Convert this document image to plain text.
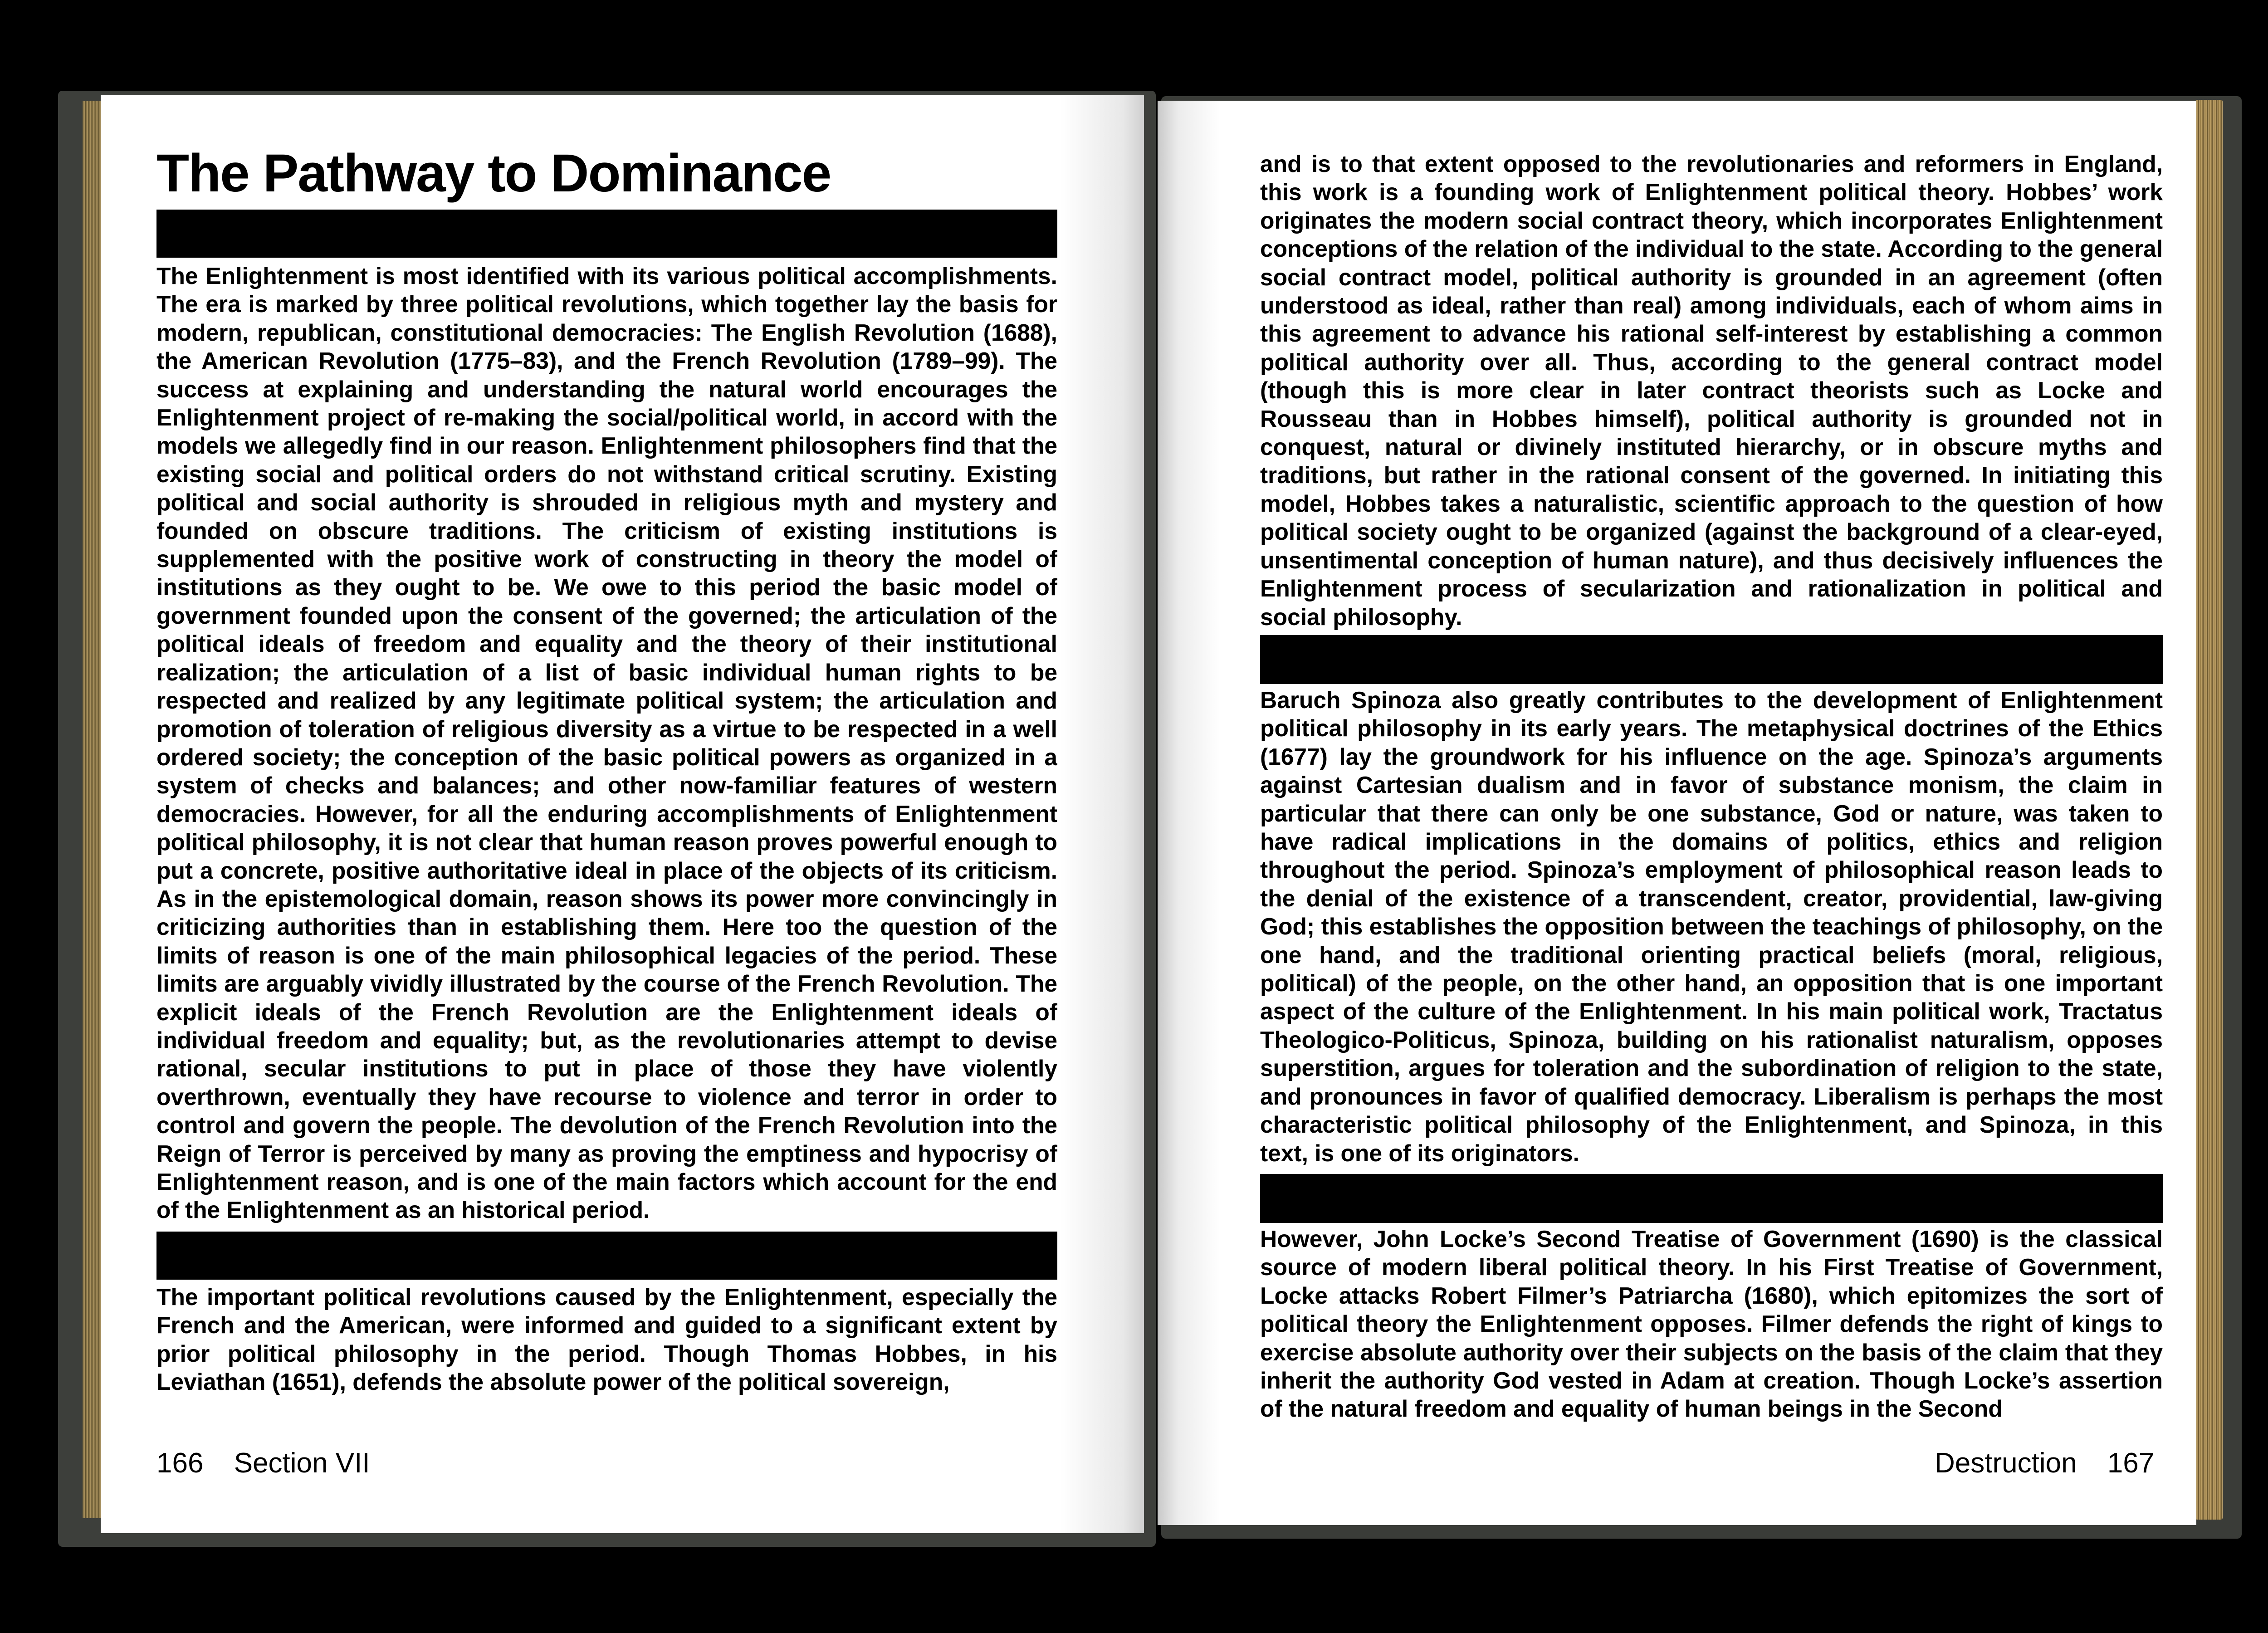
The Pathway to Dominance

The Enlightenment is most identified with its various political accomplishments. The era is marked by three political revolutions, which together lay the basis for modern, republican, constitutional democracies: The English Revolution (1688), the American Revolution (1775–83), and the French Revolution (1789–99). The success at explaining and understanding the natural world encourages the Enlightenment project of re-making the social/political world, in accord with the models we allegedly find in our reason. Enlightenment philosophers find that the existing social and political orders do not withstand critical scrutiny. Existing political and social authority is shrouded in religious myth and mystery and founded on obscure traditions. The criticism of existing institutions is supplemented with the positive work of constructing in theory the model of institutions as they ought to be. We owe to this period the basic model of government founded upon the consent of the governed; the articulation of the political ideals of freedom and equality and the theory of their institutional realization; the articulation of a list of basic individual human rights to be respected and realized by any legitimate political system; the articulation and promotion of toleration of religious diversity as a virtue to be respected in a well ordered society; the conception of the basic political powers as organized in a system of checks and balances; and other now-familiar features of western democracies. However, for all the enduring accomplishments of Enlightenment political philosophy, it is not clear that human reason proves powerful enough to put a concrete, positive authoritative ideal in place of the objects of its criticism. As in the epistemological domain, reason shows its power more convincingly in criticizing authorities than in establishing them. Here too the question of the limits of reason is one of the main philosophical legacies of the period. These limits are arguably vividly illustrated by the course of the French Revolution. The explicit ideals of the French Revolution are the Enlightenment ideals of individual freedom and equality; but, as the revolutionaries attempt to devise rational, secular institutions to put in place of those they have violently overthrown, eventually they have recourse to violence and terror in order to control and govern the people. The devolution of the French Revolution into the Reign of Terror is perceived by many as proving the emptiness and hypocrisy of Enlightenment reason, and is one of the main factors which account for the end of the Enlightenment as an historical period.

The important political revolutions caused by the Enlightenment, especially the French and the American, were informed and guided to a significant extent by prior political philosophy in the period. Though Thomas Hobbes, in his Leviathan (1651), defends the absolute power of the political sovereign,

166 Section VII

and is to that extent opposed to the revolutionaries and reformers in England, this work is a founding work of Enlightenment political theory. Hobbes’ work originates the modern social contract theory, which incorporates Enlightenment conceptions of the relation of the individual to the state. According to the general social contract model, political authority is grounded in an agreement (often understood as ideal, rather than real) among individuals, each of whom aims in this agreement to advance his rational self-interest by establishing a common political authority over all. Thus, according to the general contract model (though this is more clear in later contract theorists such as Locke and Rousseau than in Hobbes himself), political authority is grounded not in conquest, natural or divinely instituted hierarchy, or in obscure myths and traditions, but rather in the rational consent of the governed. In initiating this model, Hobbes takes a naturalistic, scientific approach to the question of how political society ought to be organized (against the background of a clear-eyed, unsentimental conception of human nature), and thus decisively influences the Enlightenment process of secularization and rationalization in political and social philosophy.

Baruch Spinoza also greatly contributes to the development of Enlightenment political philosophy in its early years. The metaphysical doctrines of the Ethics (1677) lay the groundwork for his influence on the age. Spinoza’s arguments against Cartesian dualism and in favor of substance monism, the claim in particular that there can only be one substance, God or nature, was taken to have radical implications in the domains of politics, ethics and religion throughout the period. Spinoza’s employment of philosophical reason leads to the denial of the existence of a transcendent, creator, providential, law-giving God; this establishes the opposition between the teachings of philosophy, on the one hand, and the traditional orienting practical beliefs (moral, religious, political) of the people, on the other hand, an opposition that is one important aspect of the culture of the Enlightenment. In his main political work, Tractatus Theologico-Politicus, Spinoza, building on his rationalist naturalism, opposes superstition, argues for toleration and the subordination of religion to the state, and pronounces in favor of qualified democracy. Liberalism is perhaps the most characteristic political philosophy of the Enlightenment, and Spinoza, in this text, is one of its originators.

However, John Locke’s Second Treatise of Government (1690) is the classical source of modern liberal political theory. In his First Treatise of Government, Locke attacks Robert Filmer’s Patriarcha (1680), which epitomizes the sort of political theory the Enlightenment opposes. Filmer defends the right of kings to exercise absolute authority over their subjects on the basis of the claim that they inherit the authority God vested in Adam at creation. Though Locke’s assertion of the natural freedom and equality of human beings in the Second

Destruction 167
